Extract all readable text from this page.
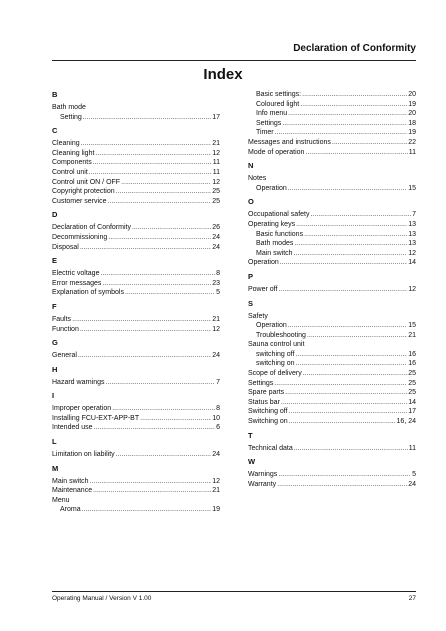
Declaration of Conformity
Index
B
Bath mode
Setting .....	17
C
Cleaning .....	21
Cleaning light .....	12
Components .....	11
Control unit .....	11
Control unit ON / OFF .....	12
Copyright protection .....	25
Customer service .....	25
D
Declaration of Conformity .....	26
Decommissioning .....	24
Disposal .....	24
E
Electric voltage .....	8
Error messages .....	23
Explanation of symbols .....	5
F
Faults .....	21
Function .....	12
G
General .....	24
H
Hazard warnings .....	7
I
Improper operation .....	8
Installing FCU-EXT-APP-BT .....	10
Intended use .....	6
L
Limitation on liability .....	24
M
Main switch .....	12
Maintenance .....	21
Menu
Aroma .....	19
Basic settings: .....	20
Coloured light .....	19
Info menu .....	20
Settings .....	18
Timer .....	19
Messages and instructions .....	22
Mode of operation .....	11
N
Notes
Operation .....	15
O
Occupational safety .....	7
Operating keys .....	13
Basic functions .....	13
Bath modes .....	13
Main switch .....	12
Operation .....	14
P
Power off .....	12
S
Safety
Operation .....	15
Troubleshooting .....	21
Sauna control unit
switching off .....	16
switching on .....	16
Scope of delivery .....	25
Settings .....	25
Spare parts .....	25
Status bar .....	14
Switching off .....	17
Switching on .....	16, 24
T
Technical data .....	11
W
Warnings .....	5
Warranty .....	24
Operating Manual / Version V 1.00	27
